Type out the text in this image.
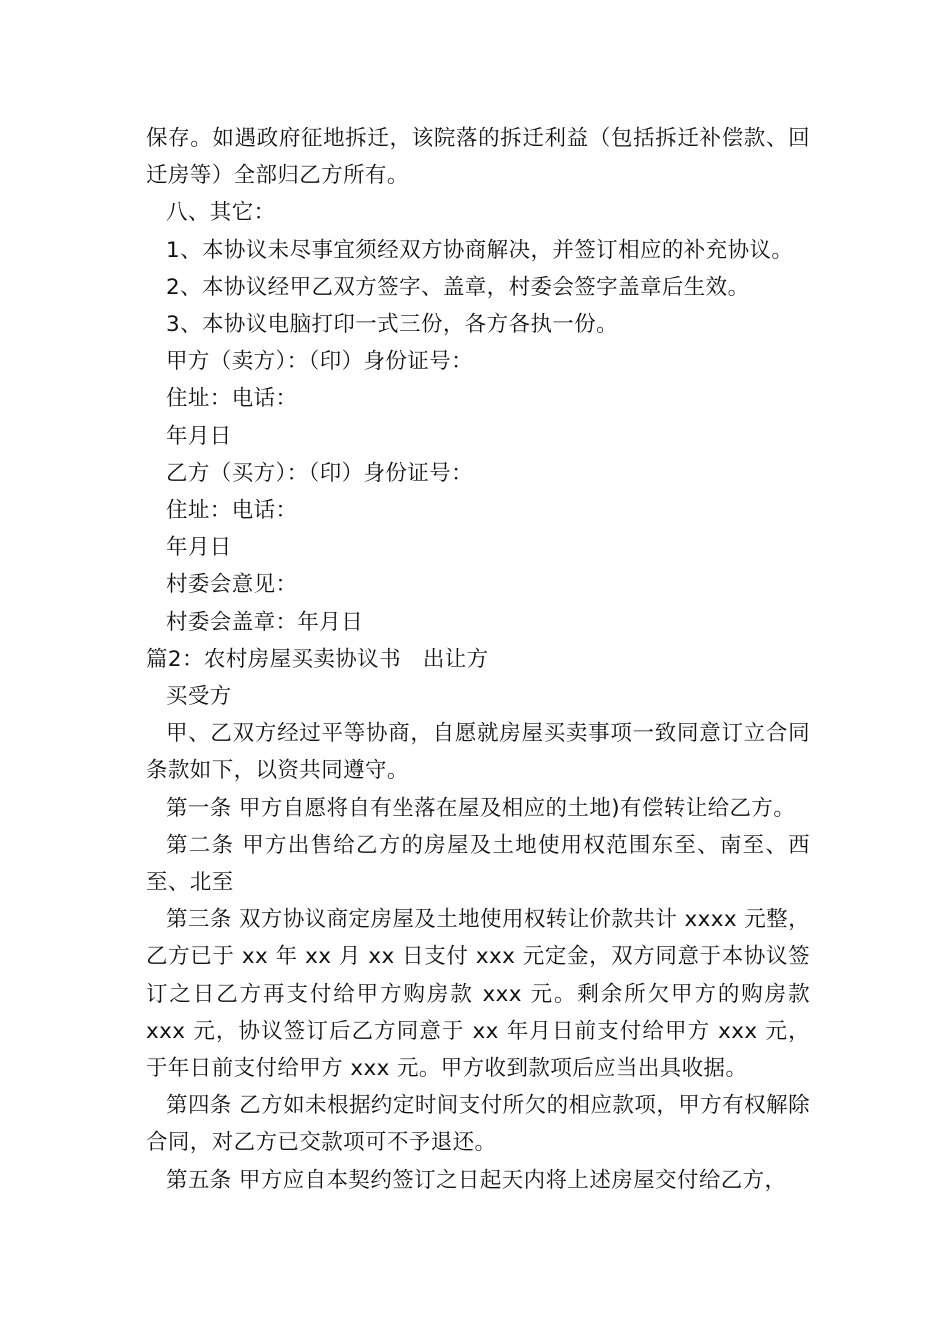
保存。如遇政府征地拆迁，该院落的拆迁利益（包括拆迁补偿款、回迁房等）全部归乙方所有。

八、其它：

1、本协议未尽事宜须经双方协商解决，并签订相应的补充协议。

2、本协议经甲乙双方签字、盖章，村委会签字盖章后生效。

3、本协议电脑打印一式三份，各方各执一份。

甲方（卖方）：（印）身份证号：

住址：电话：

年月日

乙方（买方）：（印）身份证号：

住址：电话：

年月日

村委会意见：

村委会盖章：年月日

篇2：农村房屋买卖协议书　出让方

买受方

甲、乙双方经过平等协商，自愿就房屋买卖事项一致同意订立合同条款如下，以资共同遵守。

第一条 甲方自愿将自有坐落在屋及相应的土地)有偿转让给乙方。

第二条 甲方出售给乙方的房屋及土地使用权范围东至、南至、西至、北至

第三条 双方协议商定房屋及土地使用权转让价款共计 xxxx 元整，乙方已于 xx 年 xx 月 xx 日支付 xxx 元定金，双方同意于本协议签订之日乙方再支付给甲方购房款 xxx 元。剩余所欠甲方的购房款 xxx 元，协议签订后乙方同意于 xx 年月日前支付给甲方 xxx 元，于年日前支付给甲方 xxx 元。甲方收到款项后应当出具收据。

第四条 乙方如未根据约定时间支付所欠的相应款项，甲方有权解除合同，对乙方已交款项可不予退还。

第五条 甲方应自本契约签订之日起天内将上述房屋交付给乙方，
